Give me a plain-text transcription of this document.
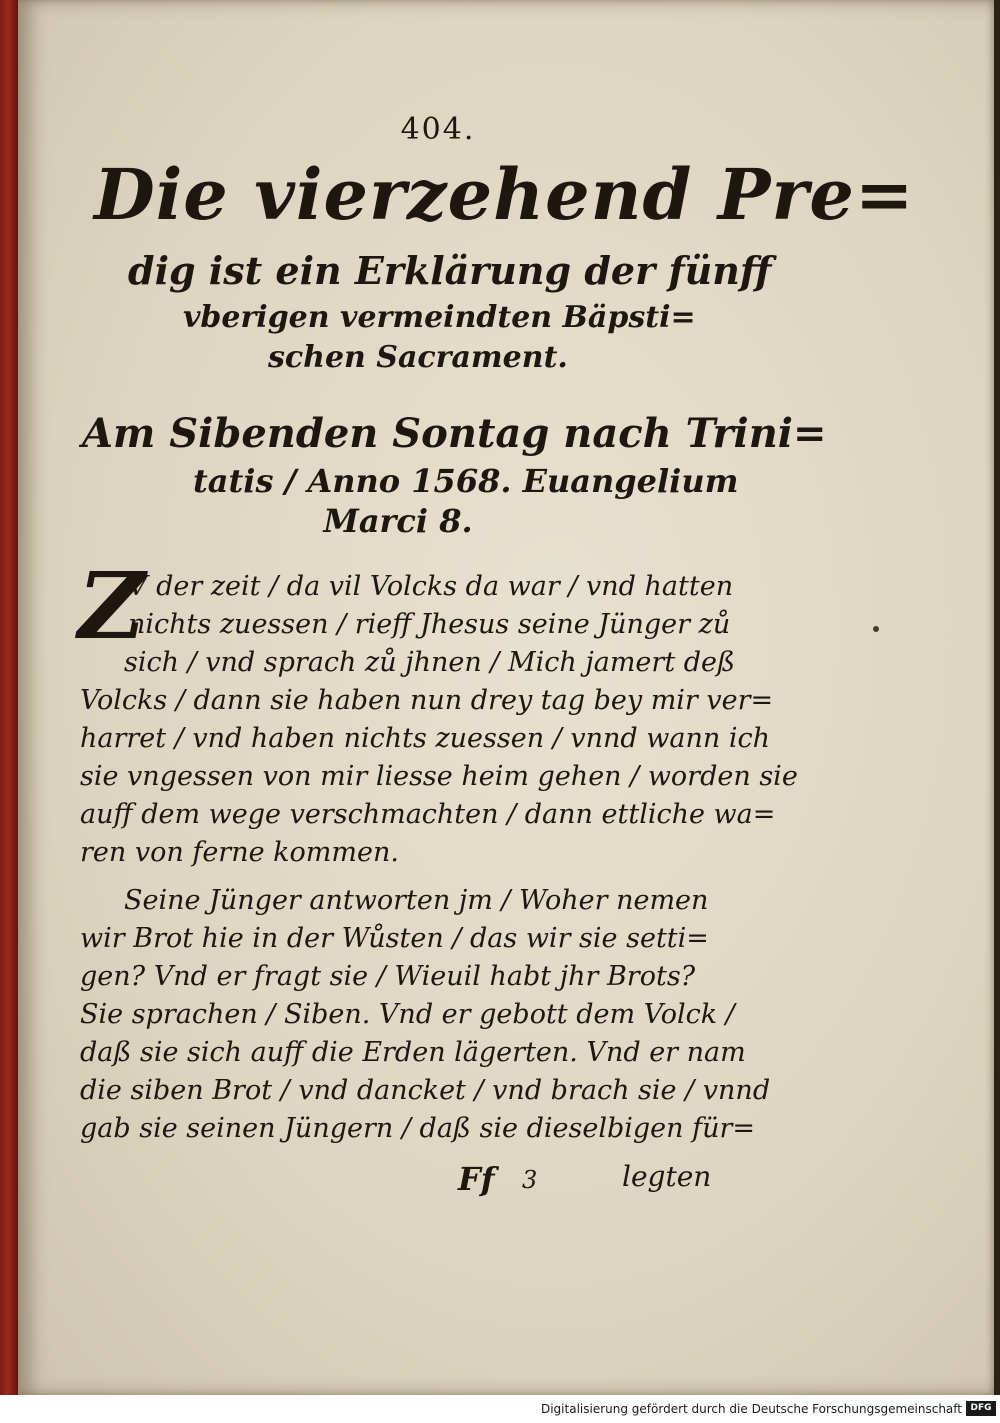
404.
Die vierzehend Pre=
dig ist ein Erklärung der fünff
vberigen vermeindten Bäpsti=
schen Sacrament.
Am Sibenden Sontag nach Trini=
tatis / Anno 1568. Euangelium
Marci 8.
Z
V der zeit / da vil Volcks da war / vnd hatten
nichts zuessen / rieff Jhesus seine Jünger zů
sich / vnd sprach zů jhnen / Mich jamert deß
Volcks / dann sie haben nun drey tag bey mir ver=
harret / vnd haben nichts zuessen / vnnd wann ich
sie vngessen von mir liesse heim gehen / worden sie
auff dem wege verschmachten / dann ettliche wa=
ren von ferne kommen.
Seine Jünger antworten jm / Woher nemen
wir Brot hie in der Wůsten / das wir sie setti=
gen? Vnd er fragt sie / Wieuil habt jhr Brots?
Sie sprachen / Siben. Vnd er gebott dem Volck /
daß sie sich auff die Erden lägerten. Vnd er nam
die siben Brot / vnd dancket / vnd brach sie / vnnd
gab sie seinen Jüngern / daß sie dieselbigen für=
Ff 3	legten
Digitalisierung gefördert durch die Deutsche Forschungsgemeinschaft DFG
